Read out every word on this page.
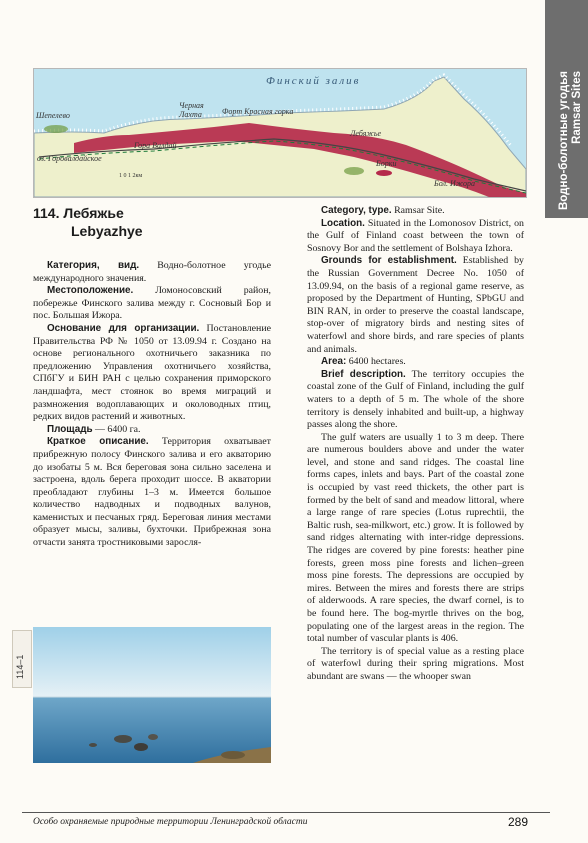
Водно-болотные угодья Ramsar Sites
Финский залив
Шепелево
Черная Лахта	Форт Красная горка
Гора Валдай
Лебяжье
оз. Горовалдайское
Борки
Бол. Ижора
1 0 1 2км
114. Лебяжье
Lebyazhye

Категория, вид. Водно-болотное угодье международного значения.

Местоположение. Ломоносовский район, побережье Финского залива между г. Сосновый Бор и пос. Большая Ижора.

Основание для организации. Постановление Правительства РФ № 1050 от 13.09.94 г. Создано на основе регионального охотничьего заказника по предложению Управления охотничьего хозяйства, СПбГУ и БИН РАН с целью сохранения приморского ландшафта, мест стоянок во время миграций и размножения водоплавающих и околоводных птиц, редких видов растений и животных.

Площадь — 6400 га.

Краткое описание. Территория охватывает прибрежную полосу Финского залива и его акваторию до изобаты 5 м. Вся береговая зона сильно заселена и застроена, вдоль берега проходит шоссе. В акватории преобладают глубины 1–3 м. Имеется большое количество надводных и подводных валунов, каменистых и песчаных гряд. Береговая линия местами образует мысы, заливы, бухточки. Прибрежная зона отчасти занята тростниковыми заросля-

114–1

Category, type. Ramsar Site.

Location. Situated in the Lomonosov District, on the Gulf of Finland coast between the town of Sosnovy Bor and the settlement of Bolshaya Izhora.

Grounds for establishment. Established by the Russian Government Decree No. 1050 of 13.09.94, on the basis of a regional game reserve, as proposed by the Department of Hunting, SPbGU and BIN RAN, in order to preserve the coastal landscape, stop-over of migratory birds and nesting sites of waterfowl and shore birds, and rare species of plants and animals.

Area: 6400 hectares.

Brief description. The territory occupies the coastal zone of the Gulf of Finland, including the gulf waters to a depth of 5 m. The whole of the shore territory is densely inhabited and built-up, a highway passes along the shore.

The gulf waters are usually 1 to 3 m deep. There are numerous boulders above and under the water level, and stone and sand ridges. The coastal line forms capes, inlets and bays. Part of the coastal zone is occupied by vast reed thickets, the other part is formed by the belt of sand and meadow littoral, where a large range of rare species (Lotus ruprechtii, the Baltic rush, sea-milkwort, etc.) grow. It is followed by sand ridges alternating with inter-ridge depressions. The ridges are covered by pine forests: heather pine forests, green moss pine forests and lichen–green moss pine forests. The depressions are occupied by mires. Between the mires and forests there are strips of alderwoods. A rare species, the dwarf cornel, is to be found here. The bog-myrtle thrives on the bog, populating one of the largest areas in the region. The total number of vascular plants is 406.

The territory is of special value as a resting place of waterfowl during their spring migrations. Most abundant are swans — the whooper swan

Особо охраняемые природные территории Ленинградской области	289
